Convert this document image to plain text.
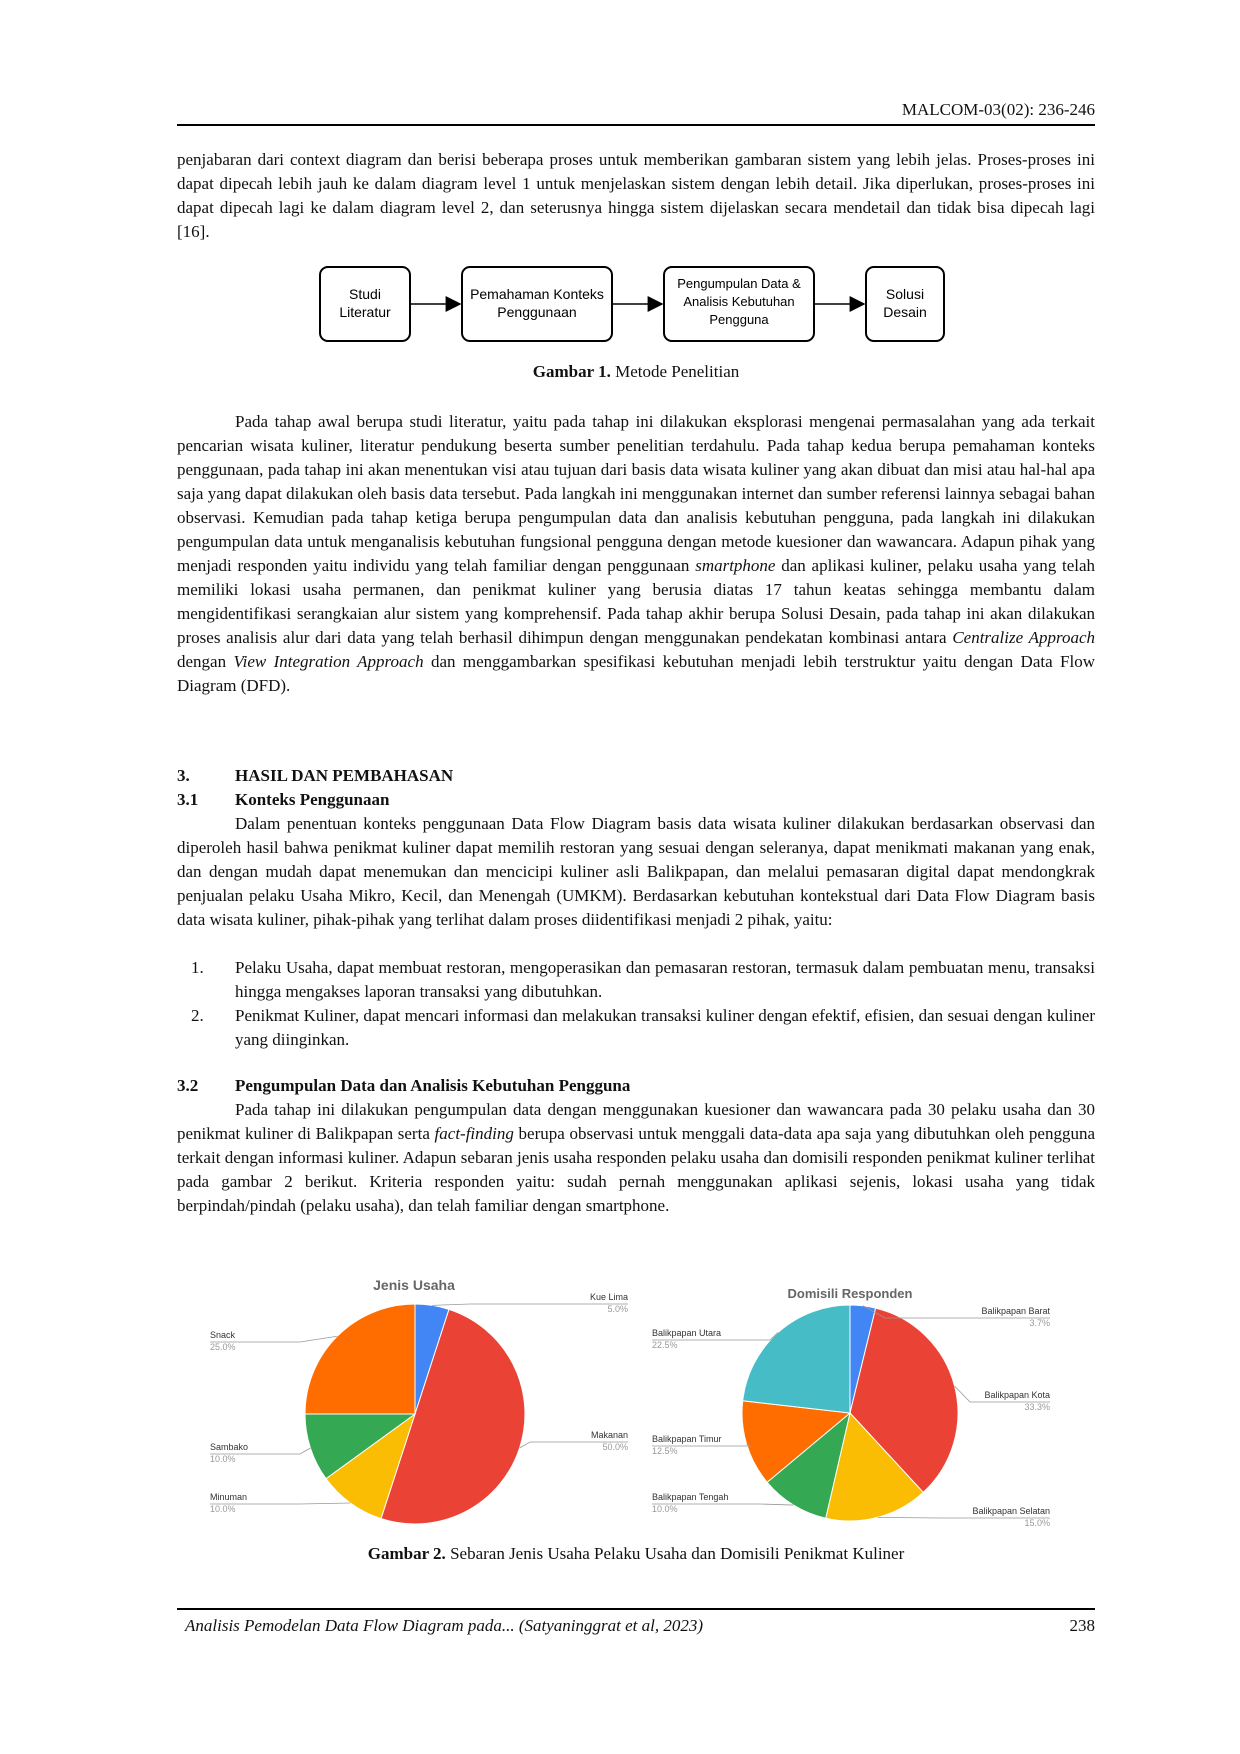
MALCOM-03(02): 236-246

penjabaran dari context diagram dan berisi beberapa proses untuk memberikan gambaran sistem yang lebih jelas. Proses-proses ini dapat dipecah lebih jauh ke dalam diagram level 1 untuk menjelaskan sistem dengan lebih detail. Jika diperlukan, proses-proses ini dapat dipecah lagi ke dalam diagram level 2, dan seterusnya hingga sistem dijelaskan secara mendetail dan tidak bisa dipecah lagi [16].

Studi
Literatur
Pemahaman Konteks
Penggunaan
Pengumpulan Data &
Analisis Kebutuhan
Pengguna
Solusi
Desain
Gambar 1. Metode Penelitian

Pada tahap awal berupa studi literatur, yaitu pada tahap ini dilakukan eksplorasi mengenai permasalahan yang ada terkait pencarian wisata kuliner, literatur pendukung beserta sumber penelitian terdahulu. Pada tahap kedua berupa pemahaman konteks penggunaan, pada tahap ini akan menentukan visi atau tujuan dari basis data wisata kuliner yang akan dibuat dan misi atau hal-hal apa saja yang dapat dilakukan oleh basis data tersebut. Pada langkah ini menggunakan internet dan sumber referensi lainnya sebagai bahan observasi. Kemudian pada tahap ketiga berupa pengumpulan data dan analisis kebutuhan pengguna, pada langkah ini dilakukan pengumpulan data untuk menganalisis kebutuhan fungsional pengguna dengan metode kuesioner dan wawancara. Adapun pihak yang menjadi responden yaitu individu yang telah familiar dengan penggunaan smartphone dan aplikasi kuliner, pelaku usaha yang telah memiliki lokasi usaha permanen, dan penikmat kuliner yang berusia diatas 17 tahun keatas sehingga membantu dalam mengidentifikasi serangkaian alur sistem yang komprehensif. Pada tahap akhir berupa Solusi Desain, pada tahap ini akan dilakukan proses analisis alur dari data yang telah berhasil dihimpun dengan menggunakan pendekatan kombinasi antara Centralize Approach dengan View Integration Approach dan menggambarkan spesifikasi kebutuhan menjadi lebih terstruktur yaitu dengan Data Flow Diagram (DFD).

3.	HASIL DAN PEMBAHASAN
3.1 Konteks Penggunaan

Dalam penentuan konteks penggunaan Data Flow Diagram basis data wisata kuliner dilakukan berdasarkan observasi dan diperoleh hasil bahwa penikmat kuliner dapat memilih restoran yang sesuai dengan seleranya, dapat menikmati makanan yang enak, dan dengan mudah dapat menemukan dan mencicipi kuliner asli Balikpapan, dan melalui pemasaran digital dapat mendongkrak penjualan pelaku Usaha Mikro, Kecil, dan Menengah (UMKM). Berdasarkan kebutuhan kontekstual dari Data Flow Diagram basis data wisata kuliner, pihak-pihak yang terlihat dalam proses diidentifikasi menjadi 2 pihak, yaitu:

1.	Pelaku Usaha, dapat membuat restoran, mengoperasikan dan pemasaran restoran, termasuk dalam pembuatan menu, transaksi hingga mengakses laporan transaksi yang dibutuhkan.
2.	Penikmat Kuliner, dapat mencari informasi dan melakukan transaksi kuliner dengan efektif, efisien, dan sesuai dengan kuliner yang diinginkan.
3.2 Pengumpulan Data dan Analisis Kebutuhan Pengguna

Pada tahap ini dilakukan pengumpulan data dengan menggunakan kuesioner dan wawancara pada 30 pelaku usaha dan 30 penikmat kuliner di Balikpapan serta fact-finding berupa observasi untuk menggali data-data apa saja yang dibutuhkan oleh pengguna terkait dengan informasi kuliner. Adapun sebaran jenis usaha responden pelaku usaha dan domisili responden penikmat kuliner terlihat pada gambar 2 berikut. Kriteria responden yaitu: sudah pernah menggunakan aplikasi sejenis, lokasi usaha yang tidak berpindah/pindah (pelaku usaha), dan telah familiar dengan smartphone.

Jenis Usaha
Kue Lima
5.0%
Makanan
50.0%
Minuman
10.0%
Sambako
10.0%
Snack
25.0%
Domisili Responden
Balikpapan Barat
3.7%
Balikpapan Kota
33.3%
Balikpapan Selatan
15.0%
Balikpapan Tengah
10.0%
Balikpapan Timur
12.5%
Balikpapan Utara
22.5%
Gambar 2. Sebaran Jenis Usaha Pelaku Usaha dan Domisili Penikmat Kuliner
Analisis Pemodelan Data Flow Diagram pada... (Satyaninggrat et al, 2023)	238
